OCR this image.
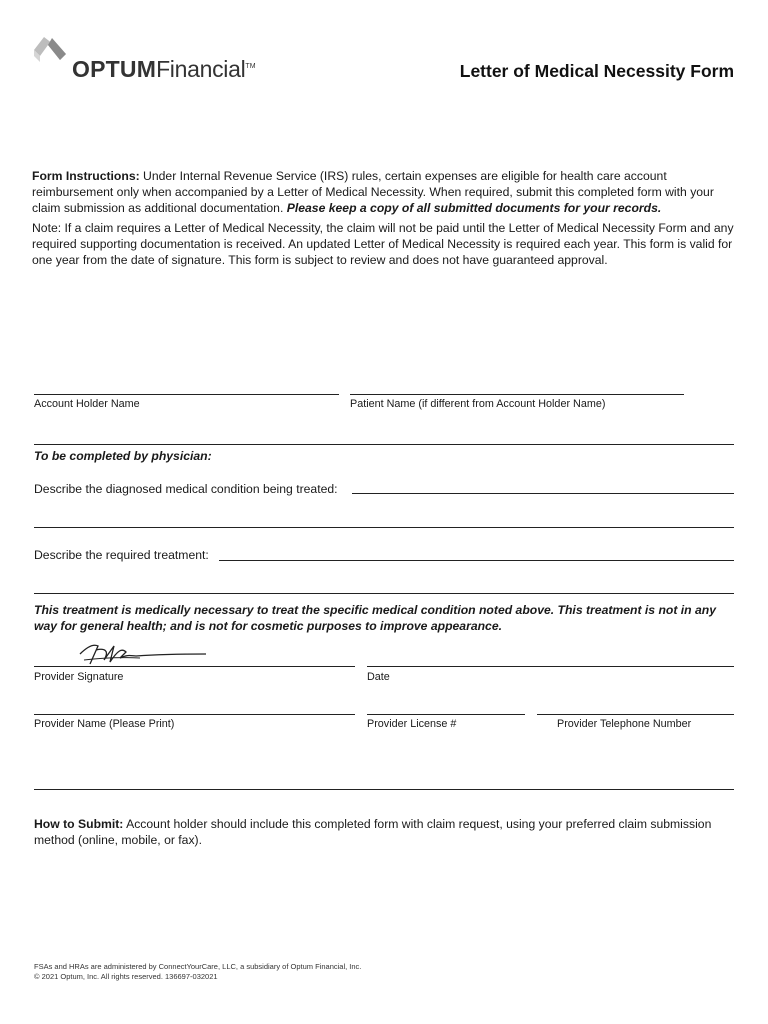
OPTUMFinancial™	Letter of Medical Necessity Form
Form Instructions: Under Internal Revenue Service (IRS) rules, certain expenses are eligible for health care account reimbursement only when accompanied by a Letter of Medical Necessity. When required, submit this completed form with your claim submission as additional documentation. Please keep a copy of all submitted documents for your records.
Note: If a claim requires a Letter of Medical Necessity, the claim will not be paid until the Letter of Medical Necessity Form and any required supporting documentation is received. An updated Letter of Medical Necessity is required each year. This form is valid for one year from the date of signature. This form is subject to review and does not have guaranteed approval.
Account Holder Name	Patient Name (if different from Account Holder Name)
To be completed by physician:
Describe the diagnosed medical condition being treated:
Describe the required treatment:
This treatment is medically necessary to treat the specific medical condition noted above. This treatment is not in any way for general health; and is not for cosmetic purposes to improve appearance.
Provider Signature	Date
Provider Name (Please Print)	Provider License #	Provider Telephone Number
How to Submit: Account holder should include this completed form with claim request, using your preferred claim submission method (online, mobile, or fax).
FSAs and HRAs are administered by ConnectYourCare, LLC, a subsidiary of Optum Financial, Inc.
© 2021 Optum, Inc. All rights reserved. 136697-032021
